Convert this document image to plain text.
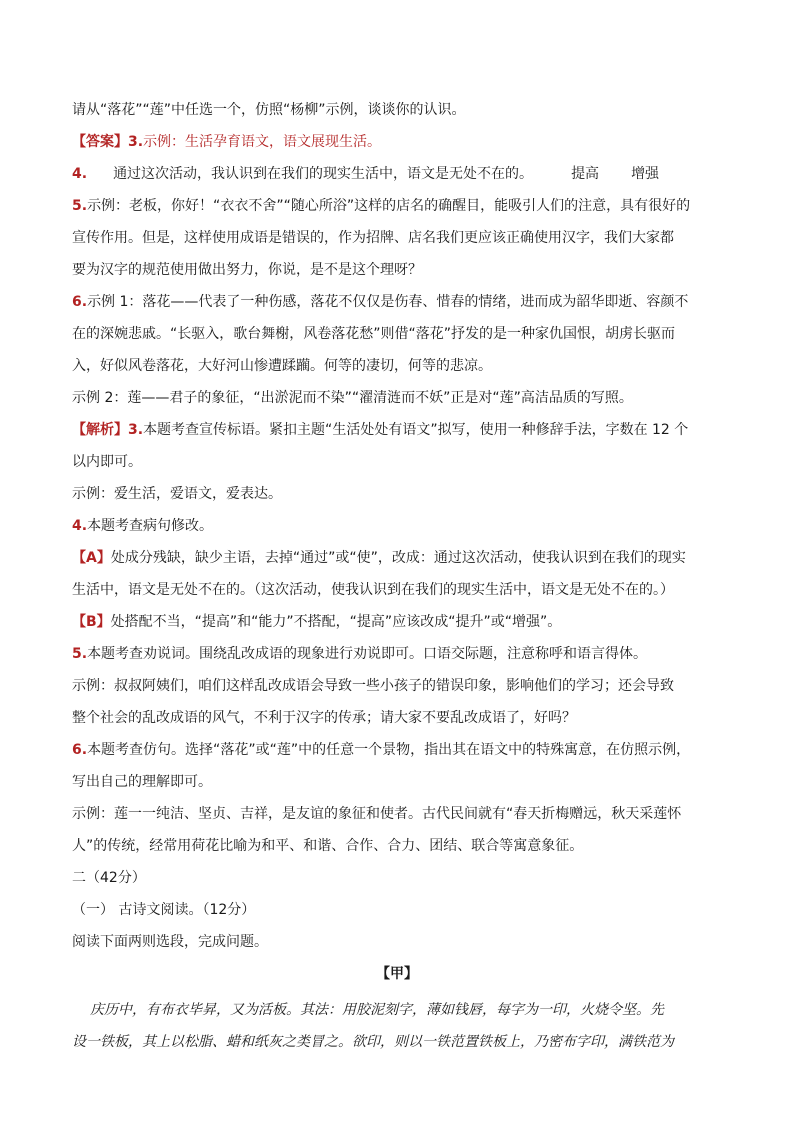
请从“落花”“莲”中任选一个，仿照“杨柳”示例，谈谈你的认识。
【答案】3.示例：生活孕育语文，语文展现生活。
4. 通过这次活动，我认识到在我们的现实生活中，语文是无处不在的。	提高 增强
5.示例：老板，你好！“衣衣不舍”“随心所浴”这样的店名的确醒目，能吸引人们的注意，具有很好的
宣传作用。但是，这样使用成语是错误的，作为招牌、店名我们更应该正确使用汉字，我们大家都
要为汉字的规范使用做出努力，你说，是不是这个理呀？
6.示例 1：落花——代表了一种伤感，落花不仅仅是伤春、惜春的情绪，进而成为韶华即逝、容颜不
在的深婉悲戚。“长驱入，歌台舞榭，风卷落花愁”则借“落花”抒发的是一种家仇国恨，胡虏长驱而
入，好似风卷落花，大好河山惨遭蹂躏。何等的凄切，何等的悲凉。
示例 2：莲——君子的象征，“出淤泥而不染”“濯清涟而不妖”正是对“莲”高洁品质的写照。
【解析】3.本题考查宣传标语。紧扣主题“生活处处有语文”拟写，使用一种修辞手法，字数在 12 个
以内即可。
示例：爱生活，爱语文，爱表达。
4.本题考查病句修改。
【A】处成分残缺，缺少主语，去掉“通过”或“使”，改成：通过这次活动，使我认识到在我们的现实
生活中，语文是无处不在的。（这次活动，使我认识到在我们的现实生活中，语文是无处不在的。）
【B】处搭配不当，“提高”和“能力”不搭配，“提高”应该改成“提升”或“增强”。
5.本题考查劝说词。围绕乱改成语的现象进行劝说即可。口语交际题，注意称呼和语言得体。
示例：叔叔阿姨们，咱们这样乱改成语会导致一些小孩子的错误印象，影响他们的学习；还会导致
整个社会的乱改成语的风气，不利于汉字的传承；请大家不要乱改成语了，好吗？
6.本题考查仿句。选择“落花”或“莲”中的任意一个景物，指出其在语文中的特殊寓意，在仿照示例，
写出自己的理解即可。
示例：莲一一纯洁、坚贞、吉祥，是友谊的象征和使者。古代民间就有“春天折梅赠远，秋天采莲怀
人”的传统，经常用荷花比喻为和平、和谐、合作、合力、团结、联合等寓意象征。
二（42分）
（一） 古诗文阅读。（12分）
阅读下面两则选段，完成问题。
【甲】
庆历中，有布衣毕昇，又为活板。其法：用胶泥刻字，薄如钱唇，每字为一印，火烧令坚。先
设一铁板，其上以松脂、蜡和纸灰之类冒之。欲印，则以一铁范置铁板上，乃密布字印，满铁范为
